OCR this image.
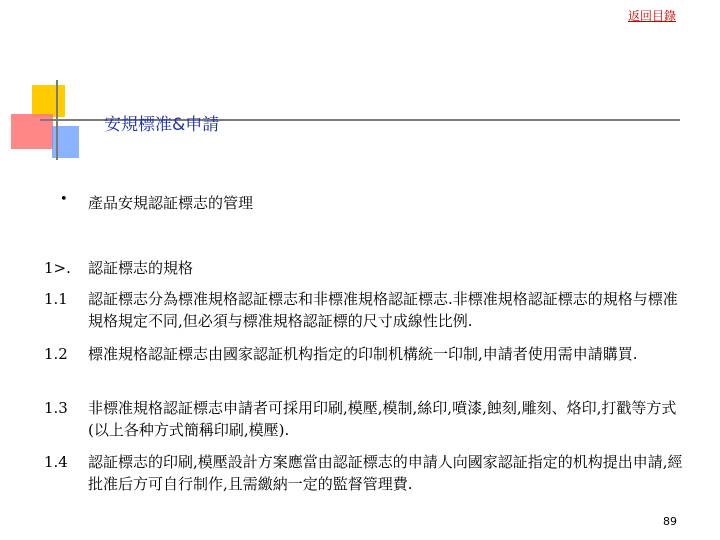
返回目錄
安規標准&申請
• 產品安規認証標志的管理
1>. 認証標志的規格
1.1 認証標志分為標准規格認証標志和非標准規格認証標志.非標准規格認証標志的規格与標准規格規定不同,但必須与標准規格認証標的尺寸成線性比例.
1.2 標准規格認証標志由國家認証机构指定的印制机構統一印制,申請者使用需申請購買.
1.3 非標准規格認証標志申請者可採用印刷,模壓,模制,絲印,噴漆,蝕刻,雕刻、烙印,打戳等方式(以上各种方式簡稱印刷,模壓).
1.4 認証標志的印刷,模壓設計方案應當由認証標志的申請人向國家認証指定的机构提出申請,經批准后方可自行制作,且需繳納一定的監督管理費.
89
